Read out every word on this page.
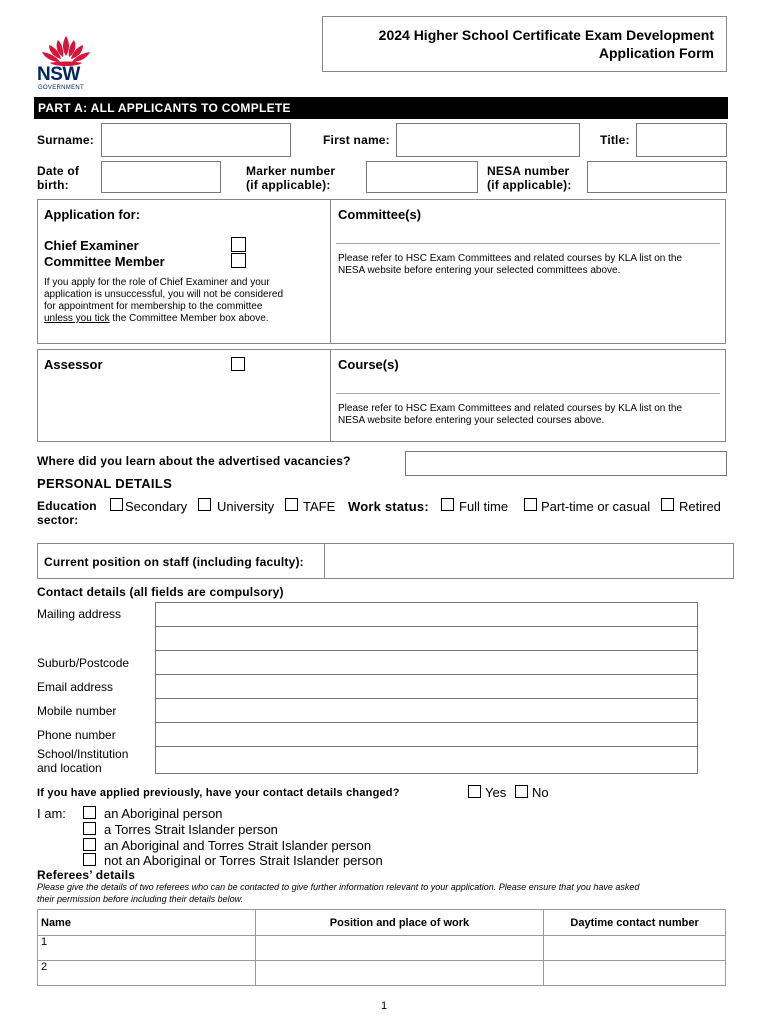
NSW
GOVERNMENT
2024 Higher School Certificate Exam Development
Application Form
PART A: ALL APPLICANTS TO COMPLETE
Surname:	First name:	Title:
Date of
birth:
Marker number
(if applicable):
NESA number
(if applicable):
Application for:
Chief Examiner
Committee Member
If you apply for the role of Chief Examiner and your
application is unsuccessful, you will not be considered
for appointment for membership to the committee
unless you tick the Committee Member box above.
Committee(s)
Please refer to HSC Exam Committees and related courses by KLA list on the
NESA website before entering your selected committees above.
Assessor	Course(s)
Please refer to HSC Exam Committees and related courses by KLA list on the
NESA website before entering your selected courses above.
Where did you learn about the advertised vacancies?
PERSONAL DETAILS
Education
sector:
Secondary University TAFE Work status: Full time	Part-time or casual Retired
Current position on staff (including faculty):
Contact details (all fields are compulsory)
Mailing address
Suburb/Postcode
Email address
Mobile number
Phone number
School/Institution
and location
If you have applied previously, have your contact details changed?	Yes No
I am:	an Aboriginal person
a Torres Strait Islander person
an Aboriginal and Torres Strait Islander person
not an Aboriginal or Torres Strait Islander person
Referees’ details
Please give the details of two referees who can be contacted to give further information relevant to your application. Please ensure that you have asked
their permission before including their details below.
Name	Position and place of work	Daytime contact number
1		
2		
1
